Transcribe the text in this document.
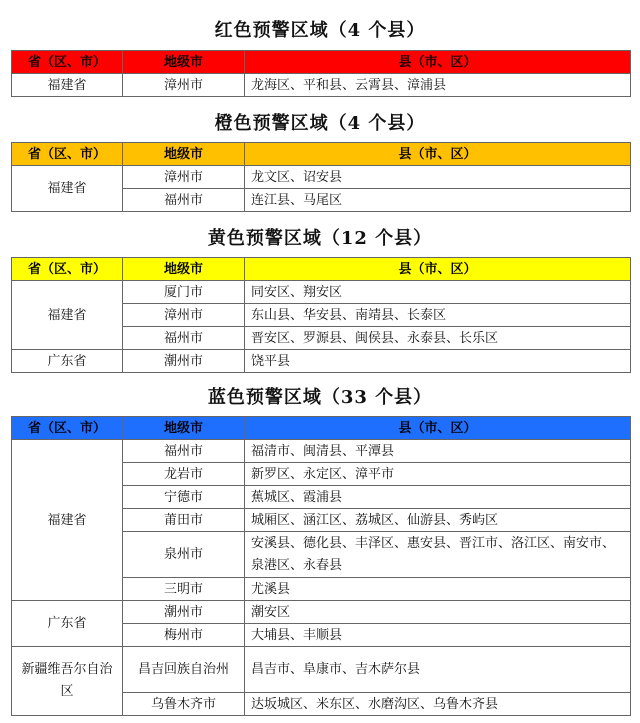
红色预警区域（4 个县）
省（区、市）	地级市	县（市、区）
福建省	漳州市	龙海区、平和县、云霄县、漳浦县
橙色预警区域（4 个县）
省（区、市）	地级市	县（市、区）
福建省	漳州市	龙文区、诏安县
	福州市	连江县、马尾区
黄色预警区域（12 个县）
省（区、市）	地级市	县（市、区）
福建省	厦门市	同安区、翔安区
	漳州市	东山县、华安县、南靖县、长泰区
	福州市	晋安区、罗源县、闽侯县、永泰县、长乐区
广东省	潮州市	饶平县
蓝色预警区域（33 个县）
省（区、市）	地级市	县（市、区）
福建省	福州市	福清市、闽清县、平潭县
	龙岩市	新罗区、永定区、漳平市
	宁德市	蕉城区、霞浦县
	莆田市	城厢区、涵江区、荔城区、仙游县、秀屿区
	泉州市	安溪县、德化县、丰泽区、惠安县、晋江市、洛江区、南安市、泉港区、永春县
	三明市	尤溪县
广东省	潮州市	潮安区
	梅州市	大埔县、丰顺县
新疆维吾尔自治区	昌吉回族自治州	昌吉市、阜康市、吉木萨尔县
	乌鲁木齐市	达坂城区、米东区、水磨沟区、乌鲁木齐县
